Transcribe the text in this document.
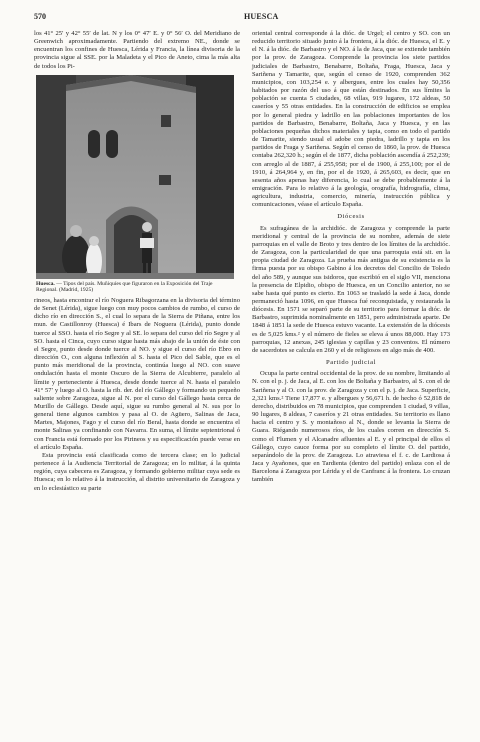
570	HUESCA

los 41° 25′ y 42° 55′ de lat. N y los 0° 47′ E. y 0° 56′ O. del Meridiano de Greenwich aproximadamente. Partiendo del extremo NE., donde se encuentran los confines de Huesca, Lérida y Francia, la línea divisoria de la provincia sigue al SSE. por la Maladeta y el Pico de Aneto, cima la más alta de todos los Pi-

Huesca. — Tipos del país. Muñiquíes que figuraron en la Exposición del Traje Regional. (Madrid, 1925)

rineos, hasta encontrar el río Noguera Ribagorzana en la divisoria del término de Senet (Lérida), sigue luego con muy pocos cambios de rumbo, el curso de dicho río en dirección S., el cual lo separa de la Sierra de Piñana, entre los mun. de Castillonroy (Huesca) é Ibars de Noguera (Lérida), punto donde tuerce al SSO. hasta el río Segre y al SE. lo separa del curso del río Segre y al SO. hasta el Cinca, cuyo curso sigue hasta más abajo de la unión de éste con el Segre, punto desde donde tuerce al NO. y sigue el curso del río Ebro en dirección O., con alguna inflexión al S. hasta el Pico del Sable, que es el punto más meridional de la provincia, continúa luego al NO. con suave ondulación hasta el monte Oscuro de la Sierra de Alcubierre, paralelo al límite y perteneciente á Huesca, desde donde tuerce al N. hasta el paralelo 41° 57′ y luego al O. hasta la rib. der. del río Gállego y formando un pequeño saliente sobre Zaragoza, sigue al N. por el curso del Gállego hasta cerca de Murillo de Gállego. Desde aquí, sigue su rumbo general al N. sus por lo general tiene algunos cambios y pasa al O. de Agüero, Salinas de Jaca, Martes, Majones, Fago y el curso del río Beral, hasta donde se encuentra el monte Salinas ya confinando con Navarra. En suma, el límite septentrional ó con Francia está formado por los Pirineos y su especificación puede verse en el artículo España.

Esta provincia está clasificada como de tercera clase; en lo judicial pertenece á la Audiencia Territorial de Zaragoza; en lo militar, á la quinta región, cuya cabecera es Zaragoza, y formando gobierno militar cuya sede es Huesca; en lo relativo á la instrucción, al distrito universitario de Zaragoza y en lo eclesiástico su parte

oriental central corresponde á la dióc. de Urgel; el centro y SO. con un reducido territorio situado junto á la frontera, á la dióc. de Huesca, el E. y el N. á la dióc. de Barbastro y el NO. á la de Jaca, que se extiende también por la prov. de Zaragoza. Comprende la provincia los siete partidos judiciales de Barbastro, Benabarre, Boltaña, Fraga, Huesca, Jaca y Sariñena y Tamarite, que, según el censo de 1920, comprenden 362 municipios, con 103,254 e. y albergues, entre los cuales hay 50,356 habitados por razón del uso á que están destinados. En sus límites la población se cuenta 5 ciudades, 68 villas, 919 lugares, 172 aldeas, 50 caseríos y 55 otras entidades. En la construcción de edificios se emplea por lo general piedra y ladrillo en las poblaciones importantes de los partidos de Barbastro, Benabarre, Boltaña, Jaca y Huesca, y en las poblaciones pequeñas dichos materiales y tapia, como en todo el partido de Tamarite, siendo usual el adobe con piedra, ladrillo y tapia en los partidos de Fraga y Sariñena. Según el censo de 1860, la prov. de Huesca contaba 262,320 h.; según el de 1877, dicha población ascendía á 252,239; con arreglo al de 1887, á 255,958; por el de 1900, á 255,100; por el de 1910, á 264,964 y, en fin, por el de 1920, á 265,603, es decir, que en sesenta años apenas hay diferencia, lo cual se debe probablemente á la emigración. Para lo relativo á la geología, orografía, hidrografía, clima, agricultura, industria, comercio, minería, instrucción pública y comunicaciones, véase el artículo España.

Diócesis

Es sufragánea de la archidióc. de Zaragoza y comprende la parte meridional y central de la provincia de su nombre, además de siete parroquias en el valle de Broto y tres dentro de los límites de la archidióc. de Zaragoza, con la particularidad de que una parroquia está sit. en la propia ciudad de Zaragoza. La prueba más antigua de su existencia es la firma puesta por su obispo Gabino á los decretos del Concilio de Toledo del año 589, y aunque sus isidoros, que escribió en el siglo VII, menciona la presencia de Elpidio, obispo de Huesca, en un Concilio anterior, no se sabe hasta qué punto es cierto. En 1063 se trasladó la sede á Jaca, donde permaneció hasta 1096, en que Huesca fué reconquistada, y restaurada la diócesis. En 1571 se separó parte de su territorio para formar la dióc. de Barbastro, suprimida nominalmente en 1851, pero administrada aparte. De 1848 á 1851 la sede de Huesca estuvo vacante. La extensión de la diócesis es de 5,025 kms.² y el número de fieles se eleva á unos 88,000. Hay 173 parroquias, 12 anexas, 245 iglesias y capillas y 23 conventos. El número de sacerdotes se calcula en 260 y el de religiosos en algo más de 400.

Partido judicial

Ocupa la parte central occidental de la prov. de su nombre, limitando al N. con el p. j. de Jaca, al E. con los de Boltaña y Barbastro, al S. con el de Sariñena y al O. con la prov. de Zaragoza y con el p. j. de Jaca. Superficie, 2,321 kms.² Tiene 17,877 e. y albergues y 56,671 h. de hecho ó 52,818 de derecho, distribuidos en 78 municipios, que comprenden 1 ciudad, 9 villas, 90 lugares, 8 aldeas, 7 caseríos y 21 otras entidades. Su territorio es llano hacia el centro y S. y montañoso al N., donde se levanta la Sierra de Guara. Riégando numerosos ríos, de los cuales corren en dirección S. como el Flumen y el Alcanadre afluentes al E. y el principal de ellos el Gállego, cuyo cauce forma por su completo el límite O. del partido, separándolo de la prov. de Zaragoza. Lo atraviesa el f. c. de Lardiosa á Jaca y Ayañones, que en Tardienta (dentro del partido) enlaza con el de Barcelona á Zaragoza por Lérida y el de Canfranc á la frontera. Lo cruzan también
